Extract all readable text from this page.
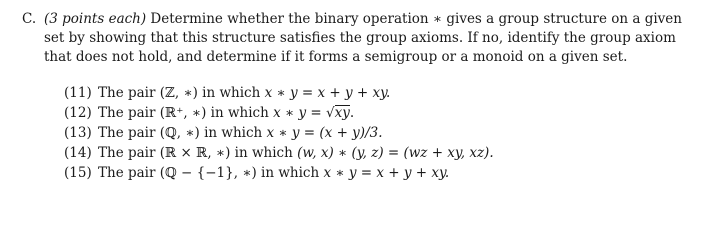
C. (3 points each) Determine whether the binary operation ∗ gives a group structure on a given
set by showing that this structure satisfies the group axioms. If no, identify the group axiom
that does not hold, and determine if it forms a semigroup or a monoid on a given set.
(11) The pair (ℤ, ∗) in which x ∗ y = x + y + xy.
(12) The pair (ℝ⁺, ∗) in which x ∗ y = √xy.
(13) The pair (ℚ, ∗) in which x ∗ y = (x + y)/3.
(14) The pair (ℝ × ℝ, ∗) in which (w, x) ∗ (y, z) = (wz + xy, xz).
(15) The pair (ℚ − {−1}, ∗) in which x ∗ y = x + y + xy.
